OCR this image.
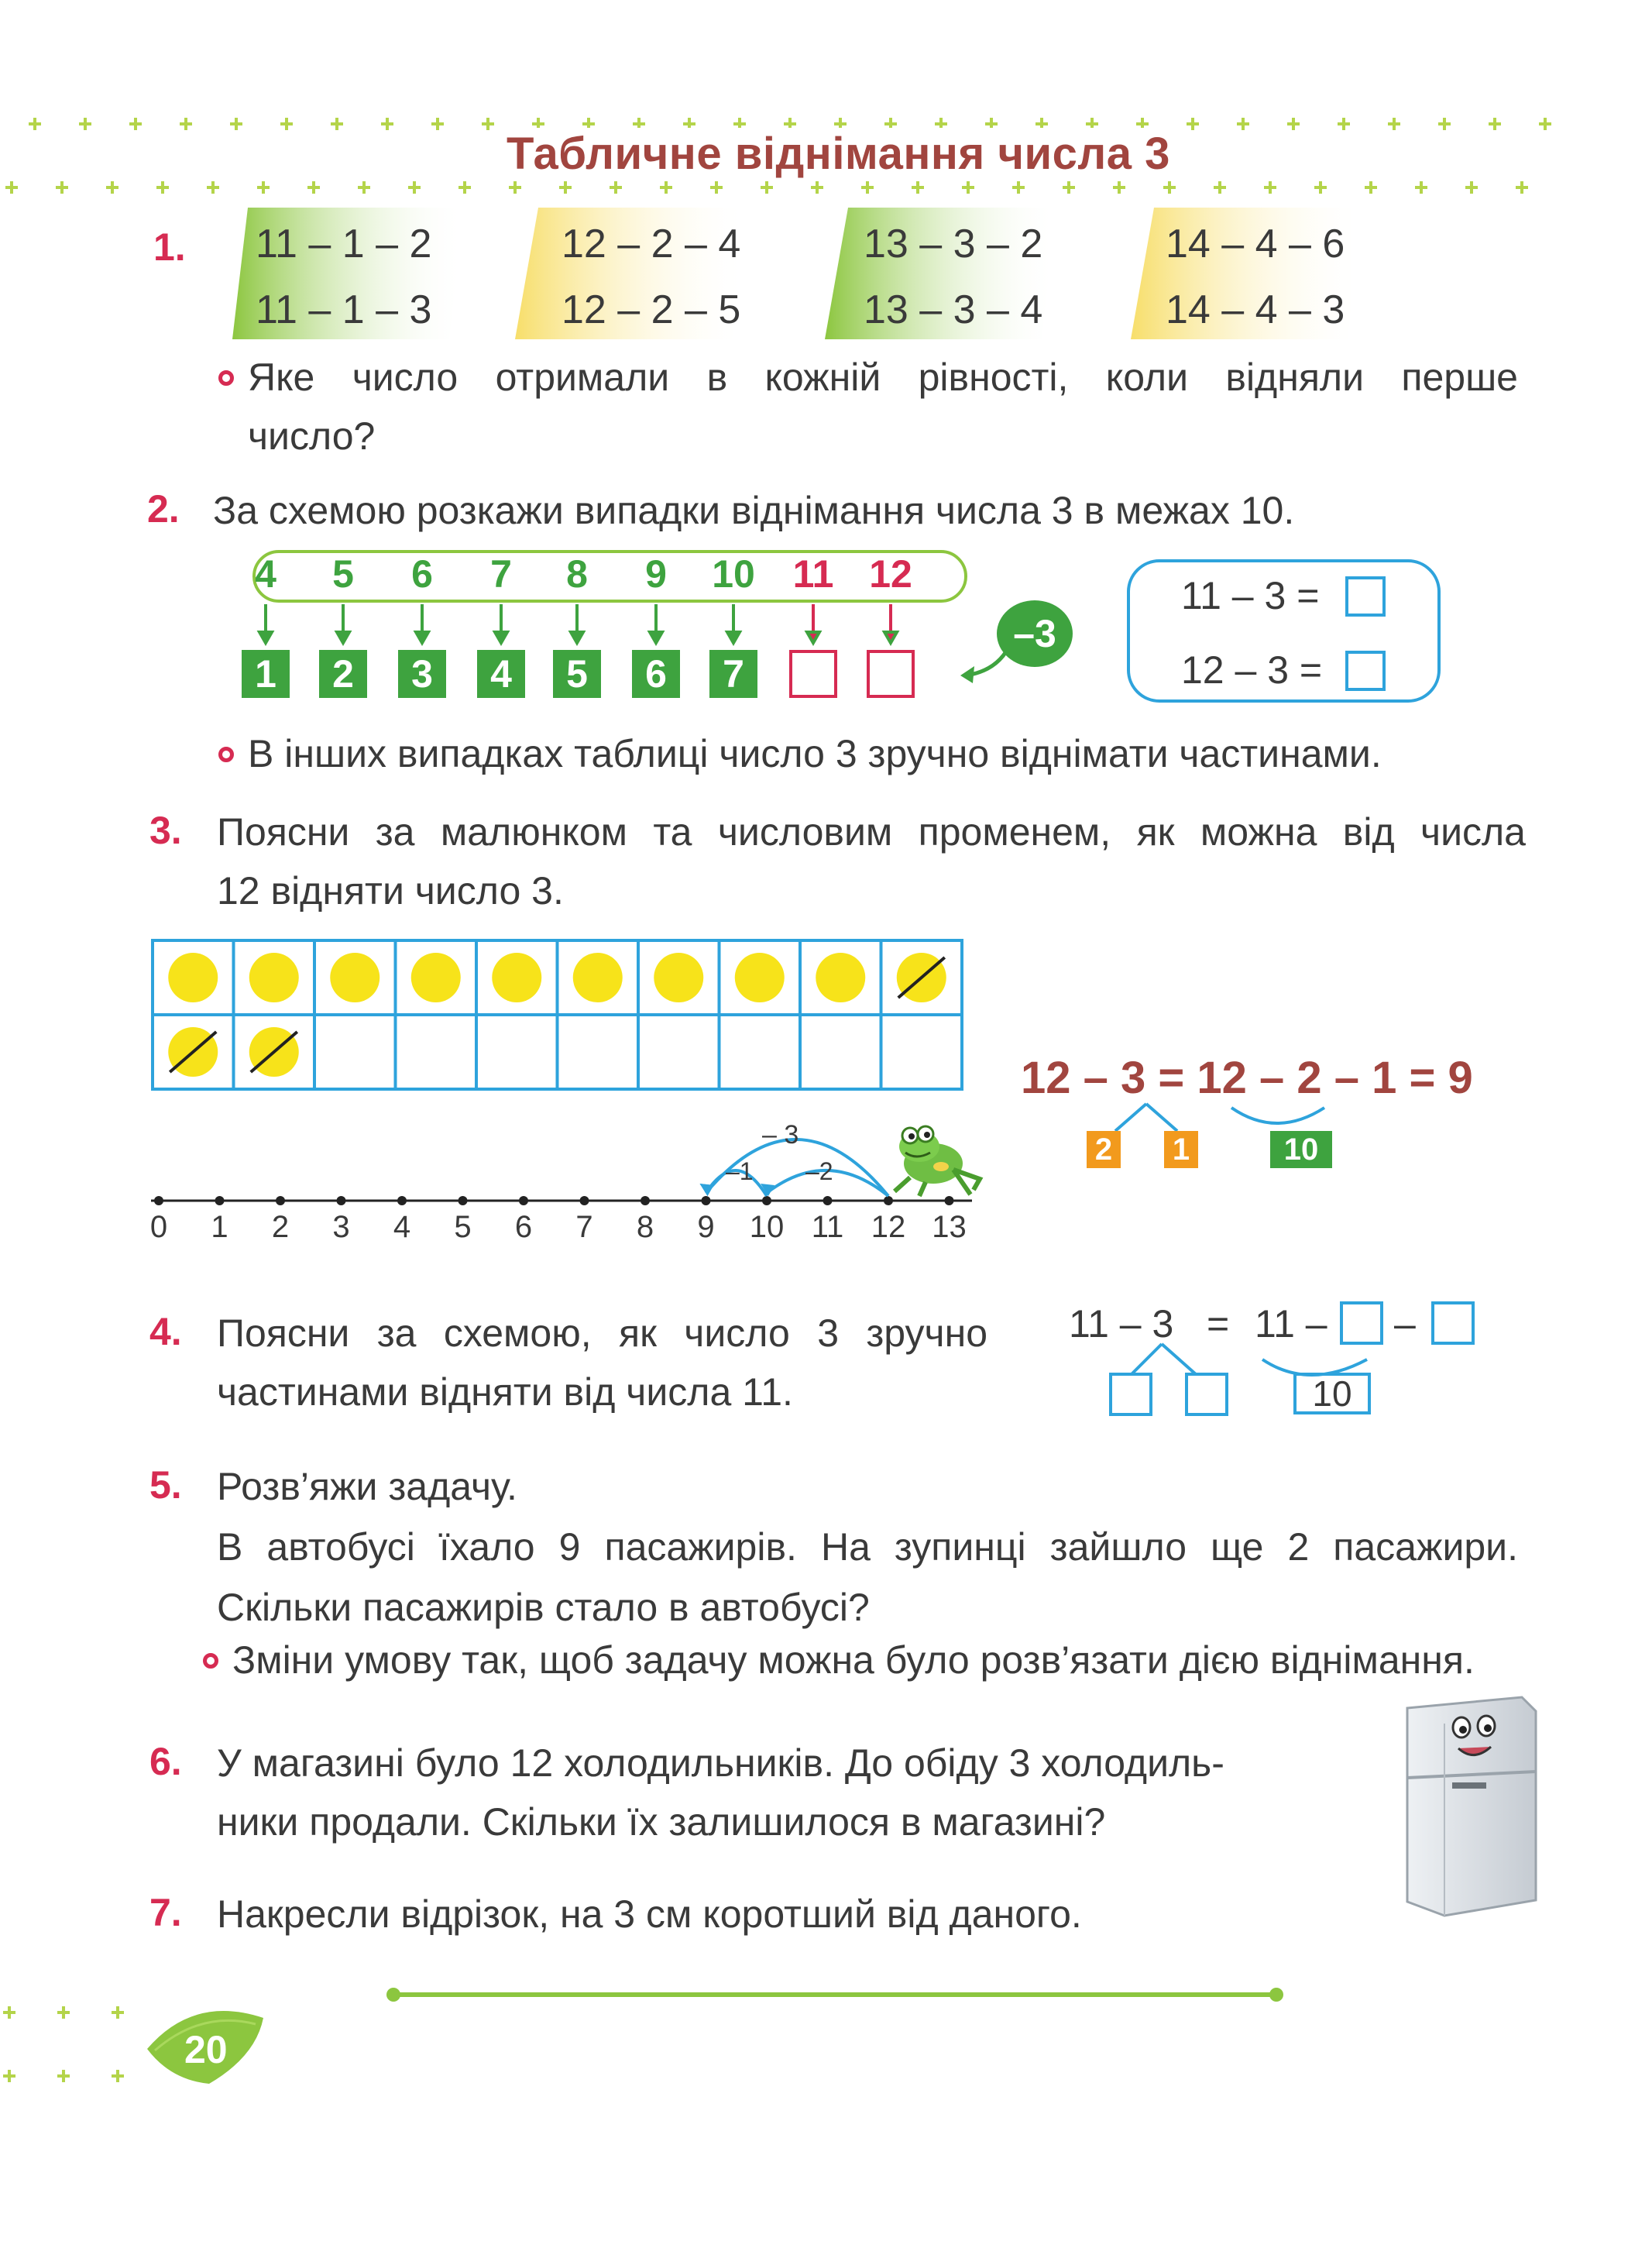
Табличне віднімання числа 3
1. 11 – 1 – 2
11 – 1 – 3
12 – 2 – 4
12 – 2 – 5
13 – 3 – 2
13 – 3 – 4
14 – 4 – 6
14 – 4 – 3
Яке число отримали в кожній рівності, коли відняли перше
число?
2. За схемою розкажи випадки віднімання числа 3 в межах 10.
4	5	6	7	8	9	10 11 12
1	2	3	4	5	6	7
–3
11 – 3 =
12 – 3 =
В інших випадках таблиці число 3 зручно віднімати частинами.
3. Поясни за малюнком та числовим променем, як можна від числа
12 відняти число 3.
0	1	2	3	4	5	6	7	8	9	10 11 12 13
– 3
–1 –2
12 – 3 = 12 – 2 – 1 = 9
2 1	10
4. Поясни за схемою, як число 3 зручно
частинами відняти від числа 11.
11 – 3 = 11 – –
10
5. Розв’яжи задачу.
В автобусі їхало 9 пасажирів. На зупинці зайшло ще 2 пасажири.
Скільки пасажирів стало в автобусі?
Зміни умову так, щоб задачу можна було розв’язати дією віднімання.
6. У магазині було 12 холодильників. До обіду 3 холодиль-
ники продали. Скільки їх залишилося в магазині?
7. Накресли відрізок, на 3 см коротший від даного.
20
